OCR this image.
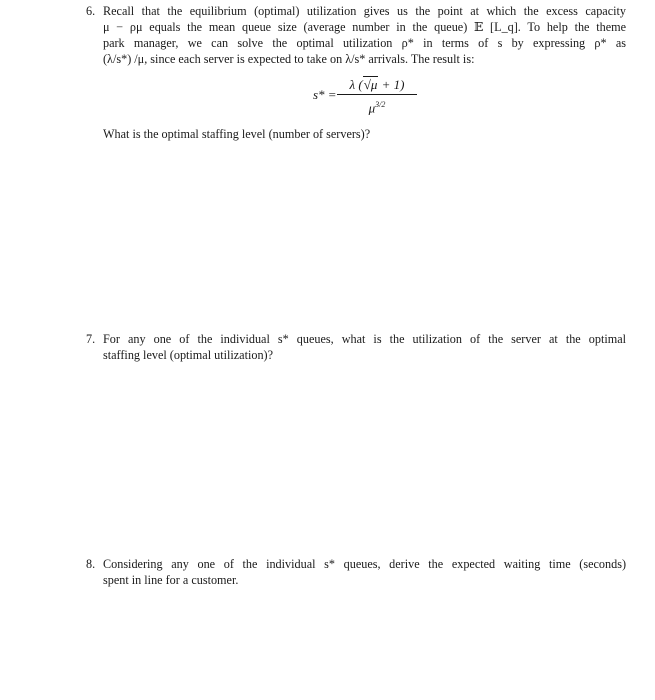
6. Recall that the equilibrium (optimal) utilization gives us the point at which the excess capacity
μ − ρμ equals the mean queue size (average number in the queue) 𝔼 [L_q]. To help the theme
park manager, we can solve the optimal utilization ρ* in terms of s by expressing ρ* as
(λ/s*) /μ, since each server is expected to take on λ/s* arrivals. The result is:
s* =
λ (√μ + 1)
$\mu^{3/2}$
What is the optimal staffing level (number of servers)?
7. For any one of the individual s* queues, what is the utilization of the server at the optimal
staffing level (optimal utilization)?
8. Considering any one of the individual s* queues, derive the expected waiting time (seconds)
spent in line for a customer.
